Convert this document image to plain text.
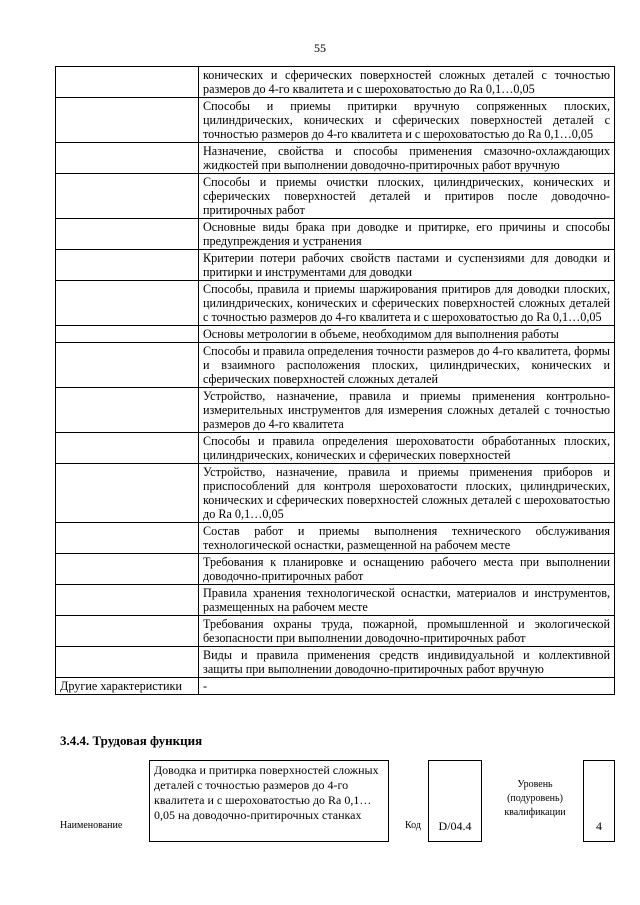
55
	конических и сферических поверхностей сложных деталей с точностью размеров до 4-го квалитета и с шероховатостью до Ra 0,1…0,05
	Способы и приемы притирки вручную сопряженных плоских, цилиндрических, конических и сферических поверхностей деталей с точностью размеров до 4-го квалитета и с шероховатостью до Ra 0,1…0,05
	Назначение, свойства и способы применения смазочно-охлаждающих жидкостей при выполнении доводочно-притирочных работ вручную
	Способы и приемы очистки плоских, цилиндрических, конических и сферических поверхностей деталей и притиров после доводочно-притирочных работ
	Основные виды брака при доводке и притирке, его причины и способы предупреждения и устранения
	Критерии потери рабочих свойств пастами и суспензиями для доводки и притирки и инструментами для доводки
	Способы, правила и приемы шаржирования притиров для доводки плоских, цилиндрических, конических и сферических поверхностей сложных деталей с точностью размеров до 4-го квалитета и с шероховатостью до Ra 0,1…0,05
	Основы метрологии в объеме, необходимом для выполнения работы
	Способы и правила определения точности размеров до 4-го квалитета, формы и взаимного расположения плоских, цилиндрических, конических и сферических поверхностей сложных деталей
	Устройство, назначение, правила и приемы применения контрольно-измерительных инструментов для измерения сложных деталей с точностью размеров до 4-го квалитета
	Способы и правила определения шероховатости обработанных плоских, цилиндрических, конических и сферических поверхностей
	Устройство, назначение, правила и приемы применения приборов и приспособлений для контроля шероховатости плоских, цилиндрических, конических и сферических поверхностей сложных деталей с шероховатостью до Ra 0,1…0,05
	Состав работ и приемы выполнения технического обслуживания технологической оснастки, размещенной на рабочем месте
	Требования к планировке и оснащению рабочего места при выполнении доводочно-притирочных работ
	Правила хранения технологической оснастки, материалов и инструментов, размещенных на рабочем месте
	Требования охраны труда, пожарной, промышленной и экологической безопасности при выполнении доводочно-притирочных работ
	Виды и правила применения средств индивидуальной и коллективной защиты при выполнении доводочно-притирочных работ вручную
Другие характеристики	-
3.4.4. Трудовая функция
Наименование
Доводка и притирка поверхностей сложных деталей с точностью размеров до 4-го квалитета и с шероховатостью до Ra 0,1…0,05 на доводочно-притирочных станках
Код	D/04.4
Уровень (подуровень) квалификации
4
